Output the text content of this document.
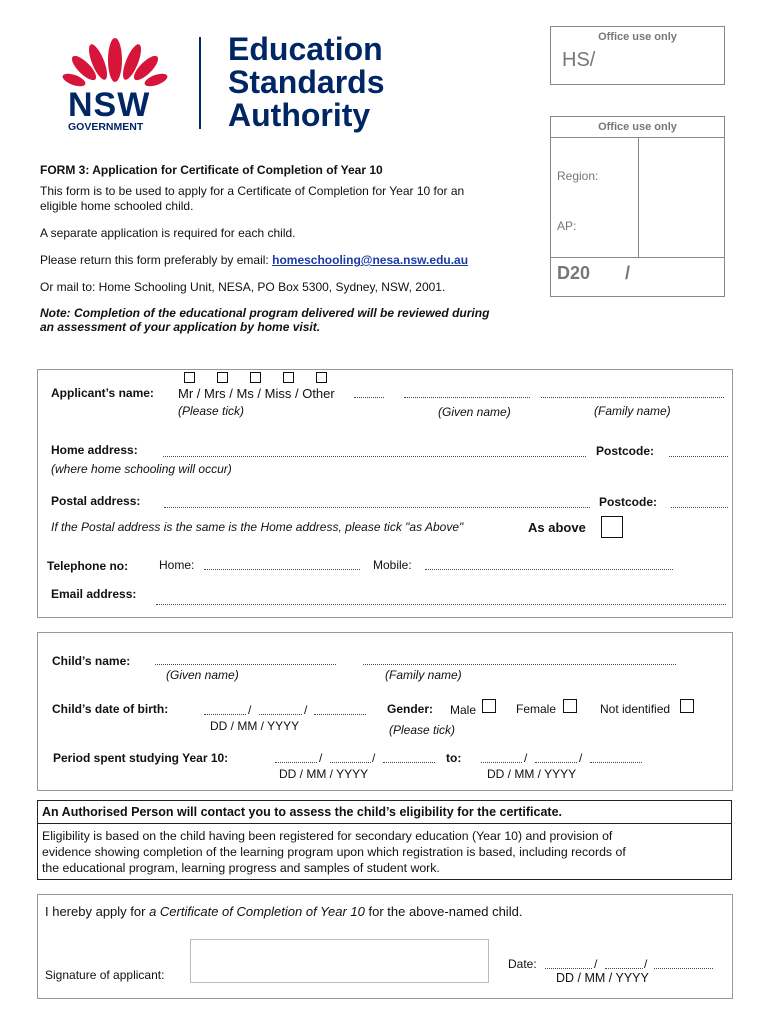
NSW
GOVERNMENT
Education
Standards
Authority
Office use only
HS/
Office use only
Region:
AP:
D20 /
FORM 3: Application for Certificate of Completion of Year 10
This form is to be used to apply for a Certificate of Completion for Year 10 for an
eligible home schooled child.
A separate application is required for each child.
Please return this form preferably by email: homeschooling@nesa.nsw.edu.au
Or mail to: Home Schooling Unit, NESA, PO Box 5300, Sydney, NSW, 2001.
Note: Completion of the educational program delivered will be reviewed during
an assessment of your application by home visit.
Applicant’s name: Mr / Mrs / Ms / Miss / Other
(Please tick)	(Given name)	(Family name)
Home address:	Postcode:
(where home schooling will occur)
Postal address:	Postcode:
If the Postal address is the same is the Home address, please tick "as Above"	As above
Telephone no:	Home:	Mobile:
Email address:
Child’s name:
(Given name)	(Family name)
Child’s date of birth:	/	/
DD / MM / YYYY
Gender: Male	Female	Not identified
(Please tick)
Period spent studying Year 10:	/	/
DD / MM / YYYY
to:	/	/
DD / MM / YYYY
An Authorised Person will contact you to assess the child’s eligibility for the certificate.
Eligibility is based on the child having been registered for secondary education (Year 10) and provision of
evidence showing completion of the learning program upon which registration is based, including records of
the educational program, learning progress and samples of student work.
I hereby apply for a Certificate of Completion of Year 10 for the above-named child.
Signature of applicant:
Date:	/	/
DD / MM / YYYY
